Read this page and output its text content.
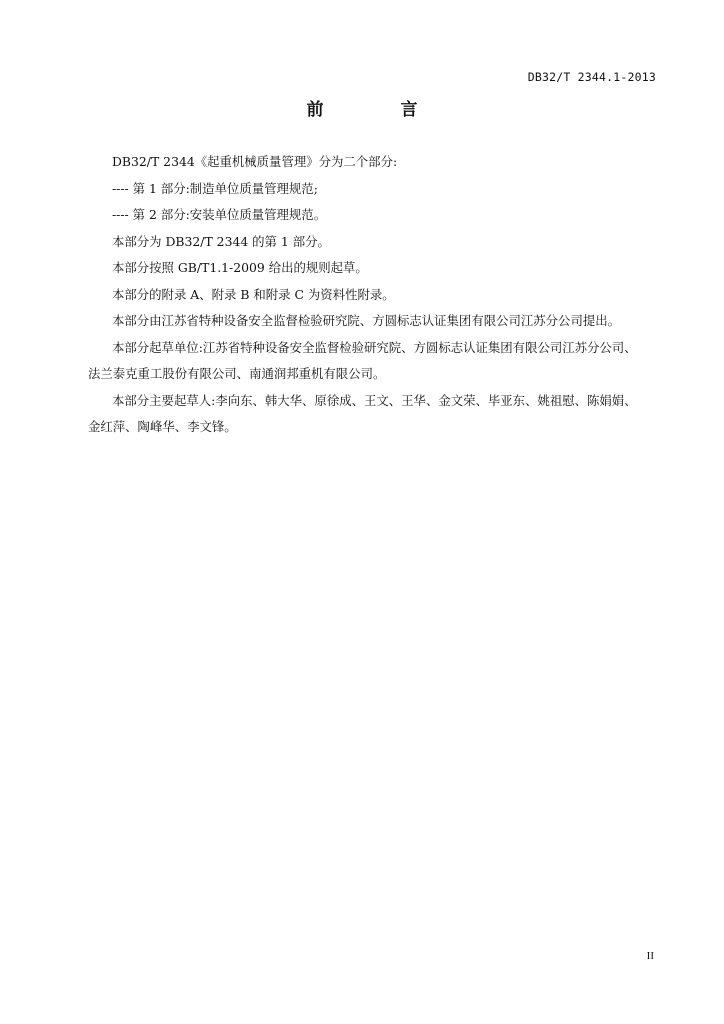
DB32/T 2344.1-2013
前　言

DB32/T 2344《起重机械质量管理》分为二个部分:

---- 第 1 部分:制造单位质量管理规范;

---- 第 2 部分:安装单位质量管理规范。

本部分为 DB32/T 2344 的第 1 部分。

本部分按照 GB/T1.1-2009 给出的规则起草。

本部分的附录 A、附录 B 和附录 C 为资料性附录。

本部分由江苏省特种设备安全监督检验研究院、方圆标志认证集团有限公司江苏分公司提出。

本部分起草单位:江苏省特种设备安全监督检验研究院、方圆标志认证集团有限公司江苏分公司、

法兰泰克重工股份有限公司、南通润邦重机有限公司。

本部分主要起草人:李向东、韩大华、原徐成、王文、王华、金文荣、毕亚东、姚祖慰、陈娟娟、

金红萍、陶峰华、李文锋。

II
